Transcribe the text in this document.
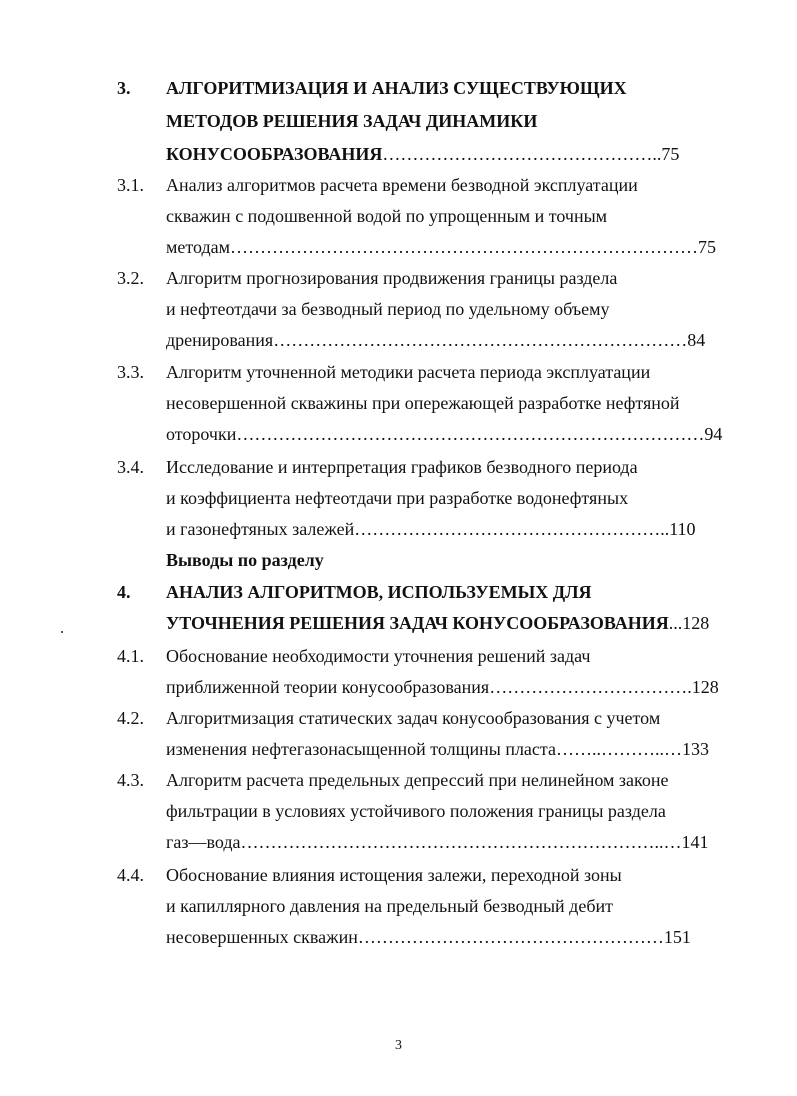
3. АЛГОРИТМИЗАЦИЯ И АНАЛИЗ СУЩЕСТВУЮЩИХ
МЕТОДОВ РЕШЕНИЯ ЗАДАЧ ДИНАМИКИ
КОНУСООБРАЗОВАНИЯ………………………………………..75
3.1. Анализ алгоритмов расчета времени безводной эксплуатации
скважин с подошвенной водой по упрощенным и точным
методам……………………………………………………………………75
3.2. Алгоритм прогнозирования продвижения границы раздела
и нефтеотдачи за безводный период по удельному объему
дренирования……………………………………………………………84
3.3. Алгоритм уточненной методики расчета периода эксплуатации
несовершенной скважины при опережающей разработке нефтяной
оторочки……………………………………………………………………94
3.4. Исследование и интерпретация графиков безводного периода
и коэффициента нефтеотдачи при разработке водонефтяных
и газонефтяных залежей……………………………………………..110
Выводы по разделу
4. АНАЛИЗ АЛГОРИТМОВ, ИСПОЛЬЗУЕМЫХ ДЛЯ
УТОЧНЕНИЯ РЕШЕНИЯ ЗАДАЧ КОНУСООБРАЗОВАНИЯ...128
4.1. Обоснование необходимости уточнения решений задач
приближенной теории конусообразования…………………………….128
4.2. Алгоритмизация статических задач конусообразования с учетом
изменения нефтегазонасыщенной толщины пласта……..………..…133
4.3. Алгоритм расчета предельных депрессий при нелинейном законе
фильтрации в условиях устойчивого положения границы раздела
газ—вода……………………………………………………………..…141
4.4. Обоснование влияния истощения залежи, переходной зоны
и капиллярного давления на предельный безводный дебит
несовершенных скважин……………………………………………151
3
